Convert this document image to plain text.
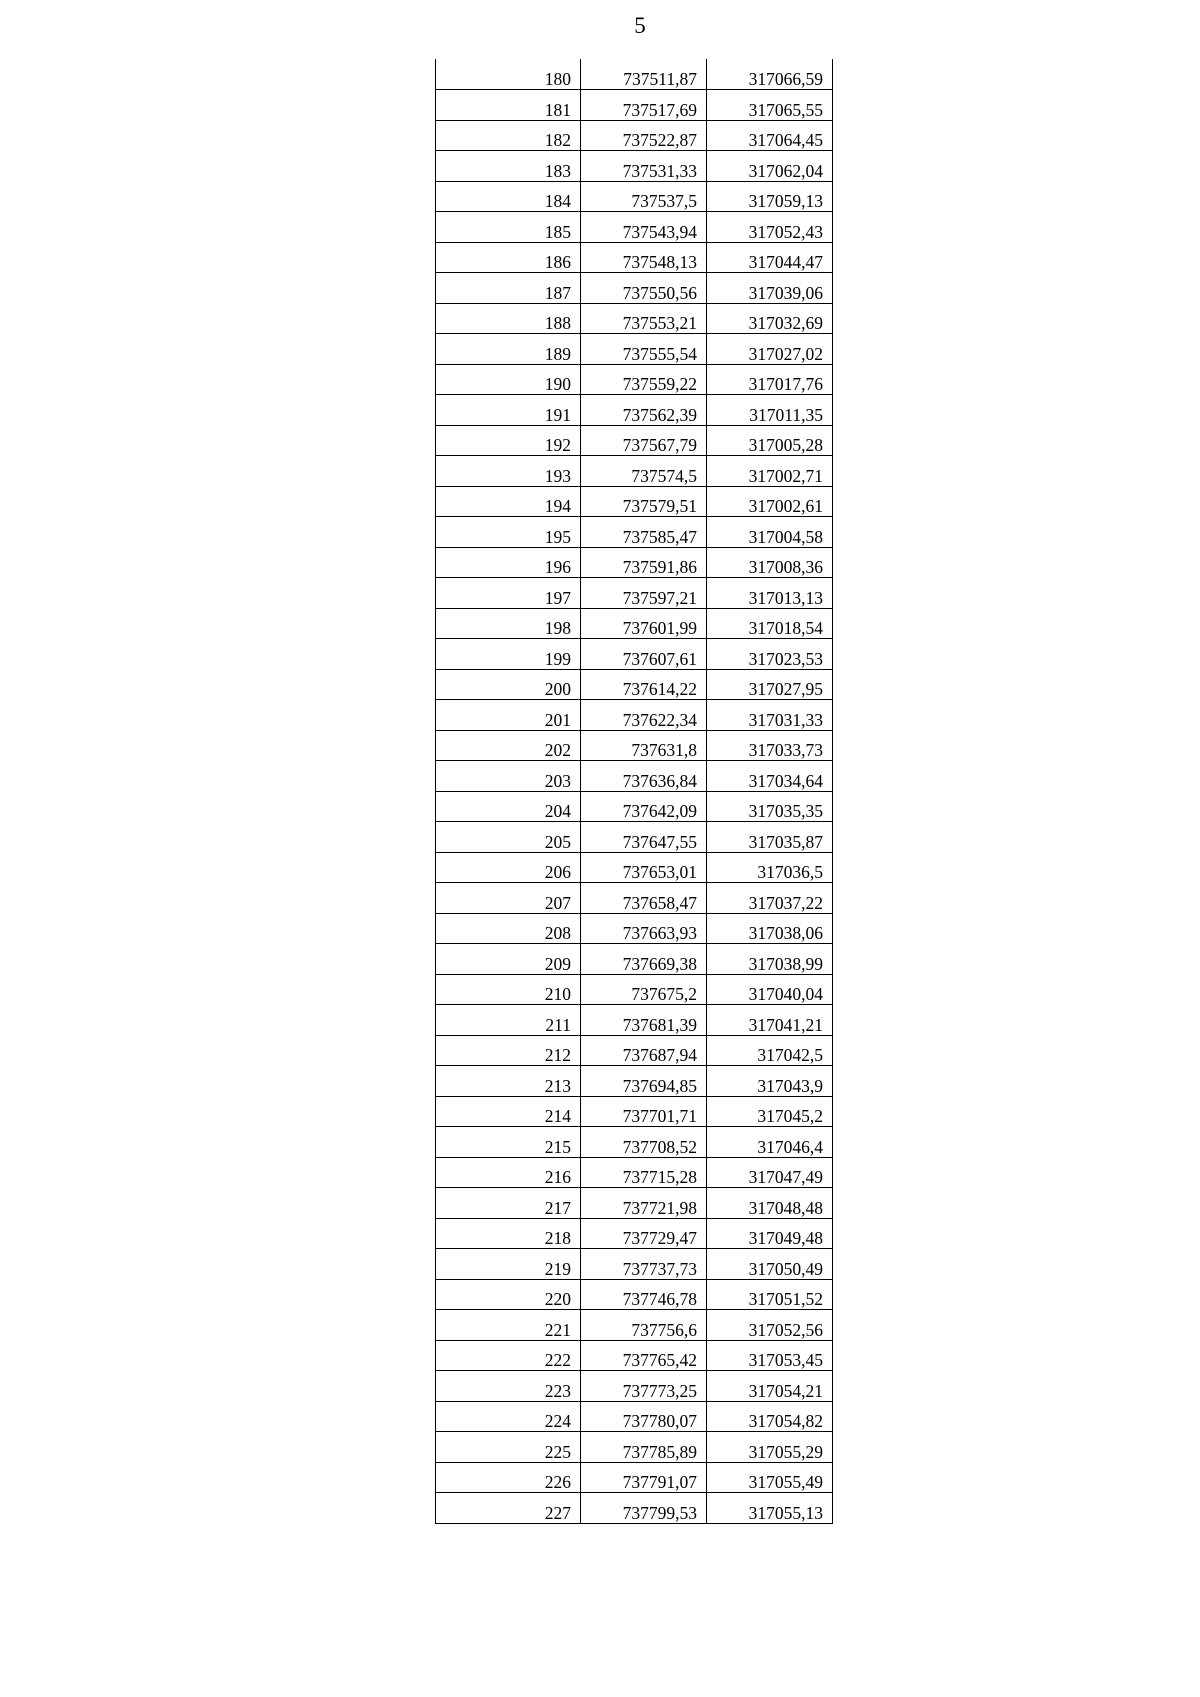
5
180	737511,87	317066,59
181	737517,69	317065,55
182	737522,87	317064,45
183	737531,33	317062,04
184	737537,5	317059,13
185	737543,94	317052,43
186	737548,13	317044,47
187	737550,56	317039,06
188	737553,21	317032,69
189	737555,54	317027,02
190	737559,22	317017,76
191	737562,39	317011,35
192	737567,79	317005,28
193	737574,5	317002,71
194	737579,51	317002,61
195	737585,47	317004,58
196	737591,86	317008,36
197	737597,21	317013,13
198	737601,99	317018,54
199	737607,61	317023,53
200	737614,22	317027,95
201	737622,34	317031,33
202	737631,8	317033,73
203	737636,84	317034,64
204	737642,09	317035,35
205	737647,55	317035,87
206	737653,01	317036,5
207	737658,47	317037,22
208	737663,93	317038,06
209	737669,38	317038,99
210	737675,2	317040,04
211	737681,39	317041,21
212	737687,94	317042,5
213	737694,85	317043,9
214	737701,71	317045,2
215	737708,52	317046,4
216	737715,28	317047,49
217	737721,98	317048,48
218	737729,47	317049,48
219	737737,73	317050,49
220	737746,78	317051,52
221	737756,6	317052,56
222	737765,42	317053,45
223	737773,25	317054,21
224	737780,07	317054,82
225	737785,89	317055,29
226	737791,07	317055,49
227	737799,53	317055,13
